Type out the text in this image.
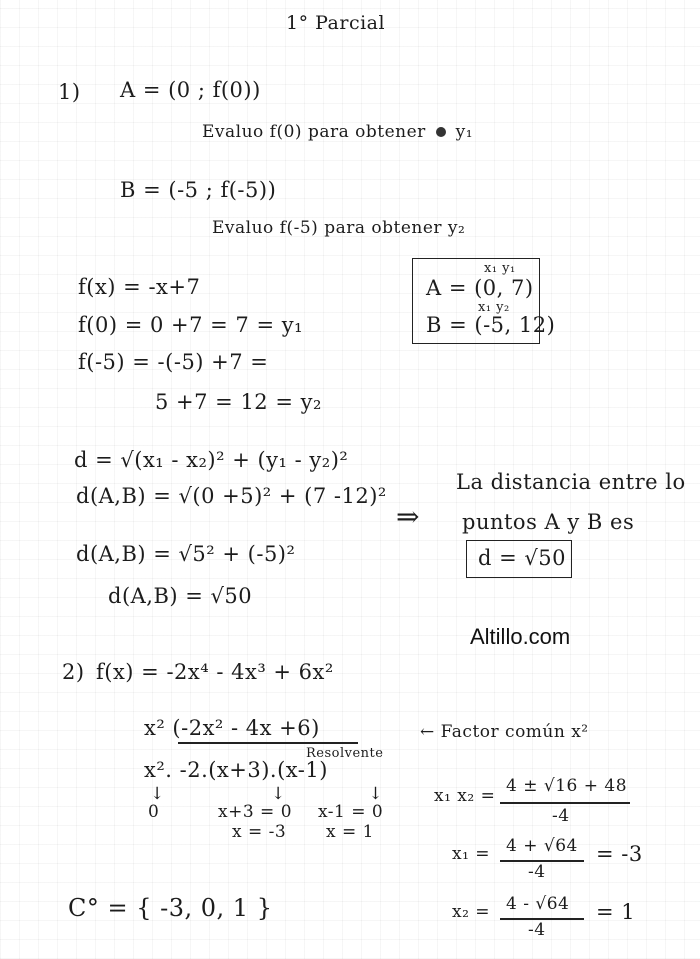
1° Parcial
1) A = (0 ; f(0))
Evaluo f(0) para obtener y₁
B = (-5 ; f(-5))
Evaluo f(-5) para obtener y₂
f(x) = -x+7
f(0) = 0 +7 = 7 = y₁
f(-5) = -(-5) +7 =
5 +7 = 12 = y₂
x₁ y₁
A = (0, 7)
x₁ y₂
B = (-5, 12)
d = √(x₁ - x₂)² + (y₁ - y₂)²
d(A,B) = √(0 +5)² + (7 -12)²
d(A,B) = √5² + (-5)²
d(A,B) = √50
⇒
La distancia entre lo
puntos A y B es
d = √50
Altillo.com
2) f(x) = -2x⁴ - 4x³ + 6x²
x² (-2x² - 4x +6)	← Factor común x²
Resolvente
x². -2.(x+3).(x-1)
↓                  ↓              ↓
0	x+3 = 0 x-1 = 0
x = -3 x = 1
x₁ x₂ = 4 ± √16 + 48
-4
x₁ = 4 + √64
-4
= -3
x₂ = 4 - √64
-4
= 1
C° = { -3, 0, 1 }
